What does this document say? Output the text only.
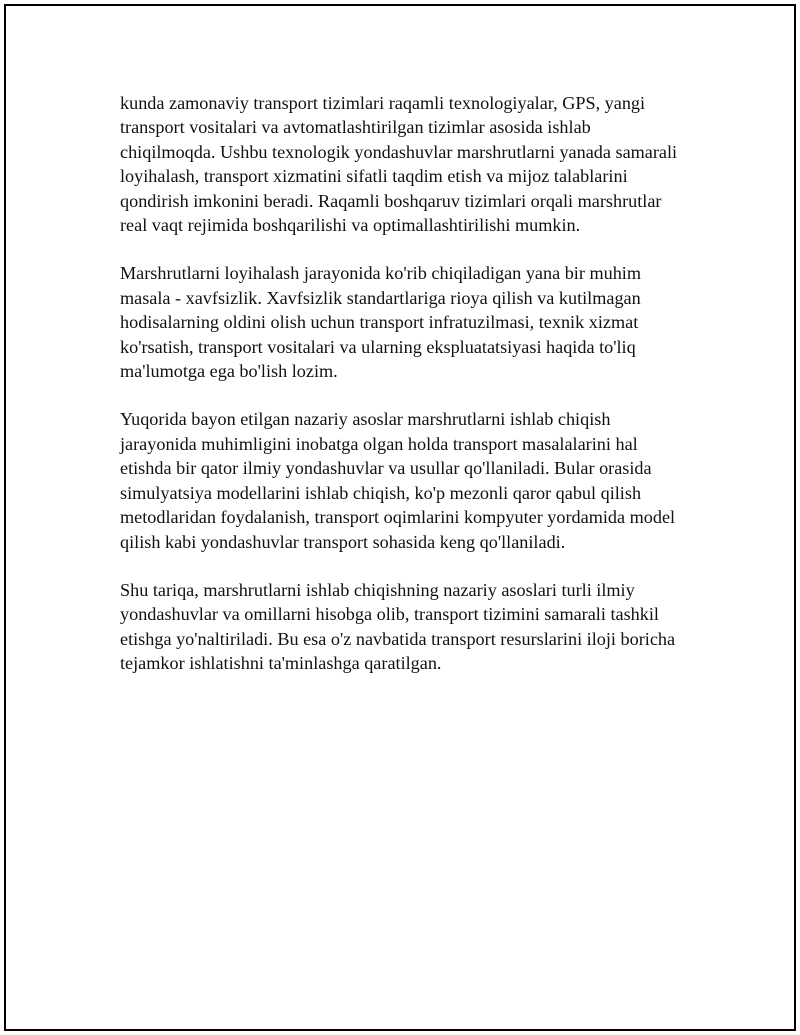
kunda zamonaviy transport tizimlari raqamli texnologiyalar, GPS, yangi
transport vositalari va avtomatlashtirilgan tizimlar asosida ishlab
chiqilmoqda. Ushbu texnologik yondashuvlar marshrutlarni yanada samarali
loyihalash, transport xizmatini sifatli taqdim etish va mijoz talablarini
qondirish imkonini beradi. Raqamli boshqaruv tizimlari orqali marshrutlar
real vaqt rejimida boshqarilishi va optimallashtirilishi mumkin.

Marshrutlarni loyihalash jarayonida ko'rib chiqiladigan yana bir muhim
masala - xavfsizlik. Xavfsizlik standartlariga rioya qilish va kutilmagan
hodisalarning oldini olish uchun transport infratuzilmasi, texnik xizmat
ko'rsatish, transport vositalari va ularning ekspluatatsiyasi haqida to'liq
ma'lumotga ega bo'lish lozim.

Yuqorida bayon etilgan nazariy asoslar marshrutlarni ishlab chiqish
jarayonida muhimligini inobatga olgan holda transport masalalarini hal
etishda bir qator ilmiy yondashuvlar va usullar qo'llaniladi. Bular orasida
simulyatsiya modellarini ishlab chiqish, ko'p mezonli qaror qabul qilish
metodlaridan foydalanish, transport oqimlarini kompyuter yordamida model
qilish kabi yondashuvlar transport sohasida keng qo'llaniladi.

Shu tariqa, marshrutlarni ishlab chiqishning nazariy asoslari turli ilmiy
yondashuvlar va omillarni hisobga olib, transport tizimini samarali tashkil
etishga yo'naltiriladi. Bu esa o'z navbatida transport resurslarini iloji boricha
tejamkor ishlatishni ta'minlashga qaratilgan.
